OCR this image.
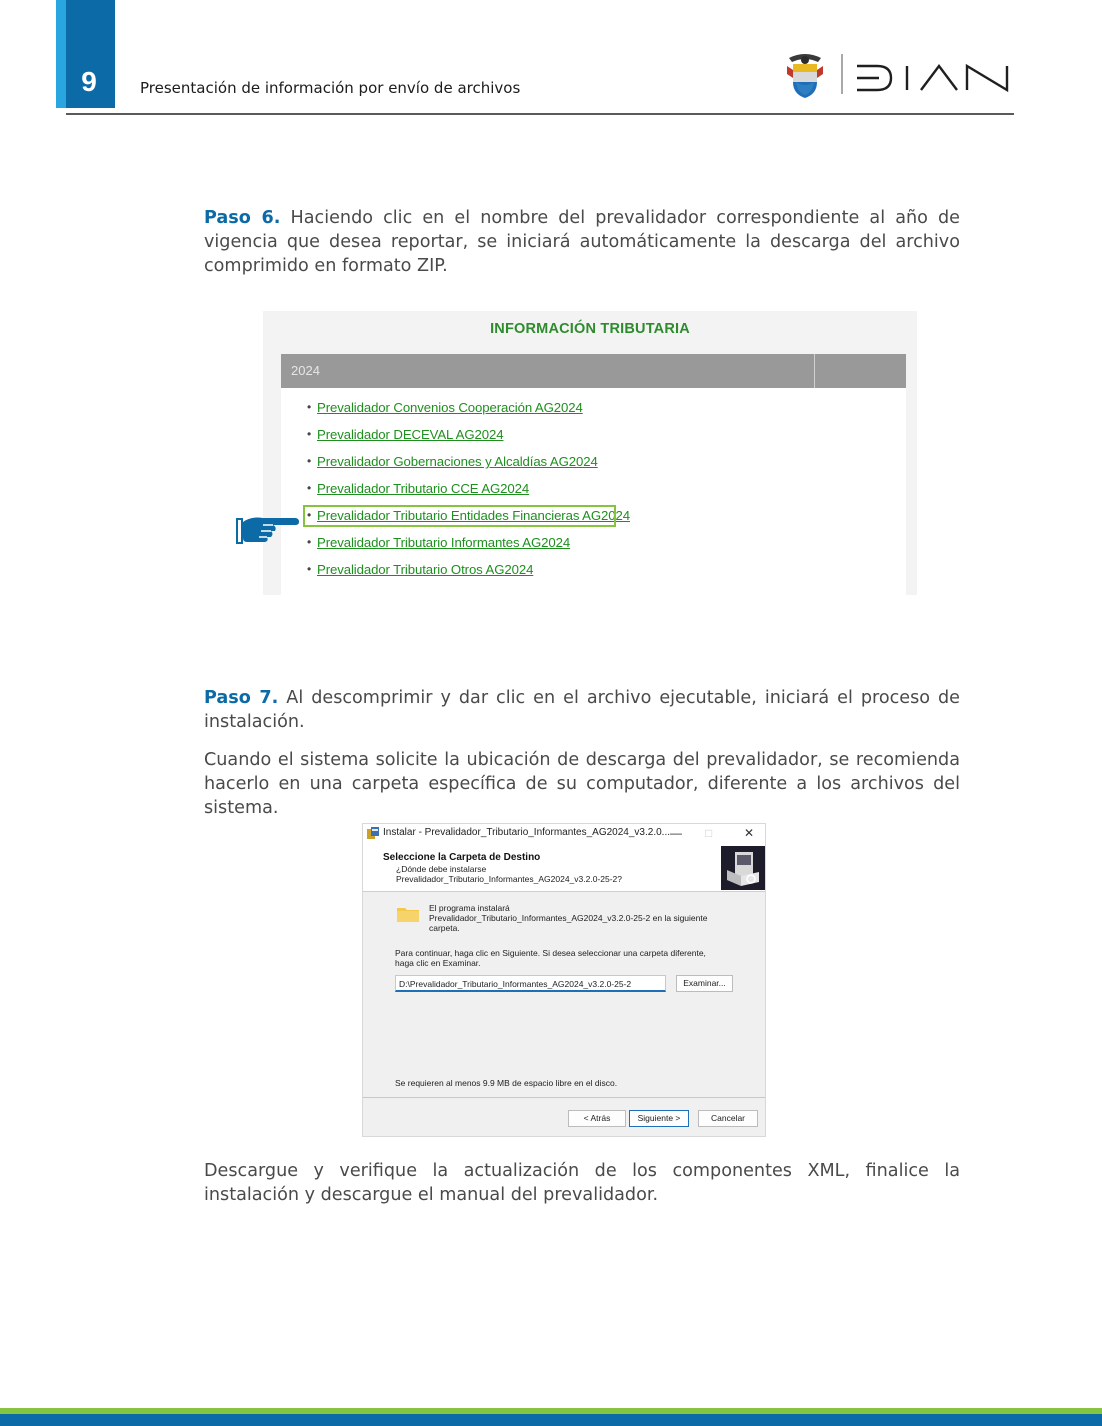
9	Presentación de información por envío de archivos

Paso 6. Haciendo clic en el nombre del prevalidador correspondiente al año de vigencia que desea reportar, se iniciará automáticamente la descarga del archivo comprimido en formato ZIP.

INFORMACIÓN TRIBUTARIA
2024
• Prevalidador Convenios Cooperación AG2024
• Prevalidador DECEVAL AG2024
• Prevalidador Gobernaciones y Alcaldías AG2024
• Prevalidador Tributario CCE AG2024
• Prevalidador Tributario Entidades Financieras AG2024
• Prevalidador Tributario Informantes AG2024
• Prevalidador Tributario Otros AG2024

Paso 7. Al descomprimir y dar clic en el archivo ejecutable, iniciará el proceso de instalación.

Cuando el sistema solicite la ubicación de descarga del prevalidador, se recomienda hacerlo en una carpeta específica de su computador, diferente a los archivos del sistema.

Instalar - Prevalidador_Tributario_Informantes_AG2024_v3.2.0... — □	✕
Seleccione la Carpeta de Destino
¿Dónde debe instalarse
Prevalidador_Tributario_Informantes_AG2024_v3.2.0-25-2?
El programa instalará
Prevalidador_Tributario_Informantes_AG2024_v3.2.0-25-2 en la siguiente
carpeta.
Para continuar, haga clic en Siguiente. Si desea seleccionar una carpeta diferente,
haga clic en Examinar.
D:\Prevalidador_Tributario_Informantes_AG2024_v3.2.0-25-2	Examinar...
Se requieren al menos 9.9 MB de espacio libre en el disco.
< Atrás	Siguiente >	Cancelar

Descargue y verifique la actualización de los componentes XML, finalice la instalación y descargue el manual del prevalidador.
